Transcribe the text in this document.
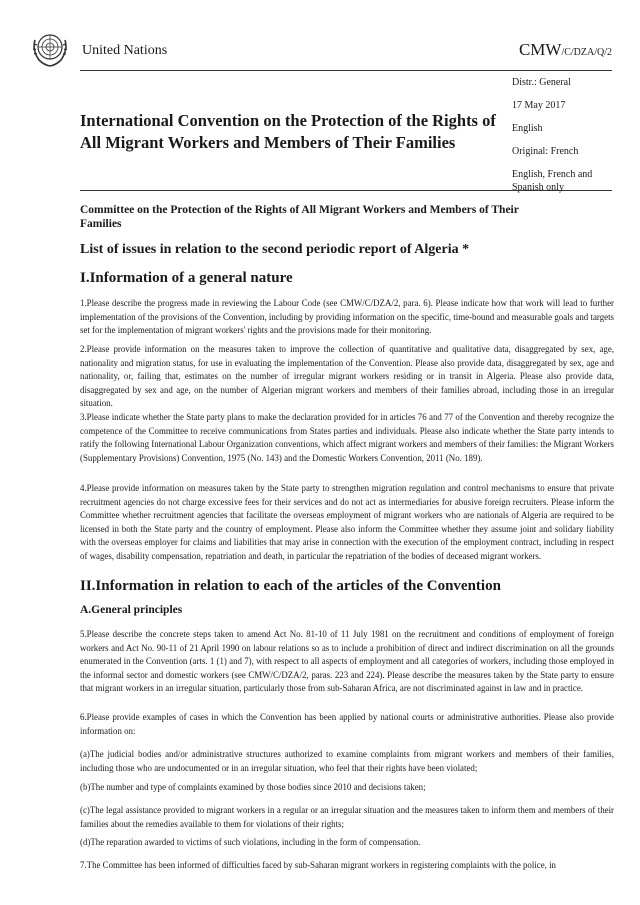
United Nations	CMW/C/DZA/Q/2
International Convention on the Protection of the Rights of All Migrant Workers and Members of Their Families
Distr.: General
17 May 2017
English
Original: French
English, French and Spanish only
Committee on the Protection of the Rights of All Migrant Workers and Members of Their Families
List of issues in relation to the second periodic report of Algeria *
I.Information of a general nature
1.Please describe the progress made in reviewing the Labour Code (see CMW/C/DZA/2, para. 6). Please indicate how that work will lead to further implementation of the provisions of the Convention, including by providing information on the specific, time-bound and measurable goals and targets set for the implementation of migrant workers' rights and the provisions made for their monitoring.
2.Please provide information on the measures taken to improve the collection of quantitative and qualitative data, disaggregated by sex, age, nationality and migration status, for use in evaluating the implementation of the Convention. Please also provide data, disaggregated by sex, age and nationality, or, failing that, estimates on the number of irregular migrant workers residing or in transit in Algeria. Please also provide data, disaggregated by sex and age, on the number of Algerian migrant workers and members of their families abroad, including those in an irregular situation.
3.Please indicate whether the State party plans to make the declaration provided for in articles 76 and 77 of the Convention and thereby recognize the competence of the Committee to receive communications from States parties and individuals. Please also indicate whether the State party intends to ratify the following International Labour Organization conventions, which affect migrant workers and members of their families: the Migrant Workers (Supplementary Provisions) Convention, 1975 (No. 143) and the Domestic Workers Convention, 2011 (No. 189).
4.Please provide information on measures taken by the State party to strengthen migration regulation and control mechanisms to ensure that private recruitment agencies do not charge excessive fees for their services and do not act as intermediaries for abusive foreign recruiters. Please inform the Committee whether recruitment agencies that facilitate the overseas employment of migrant workers who are nationals of Algeria are required to be licensed in both the State party and the country of employment. Please also inform the Committee whether they assume joint and solidary liability with the overseas employer for claims and liabilities that may arise in connection with the execution of the employment contract, including in respect of wages, disability compensation, repatriation and death, in particular the repatriation of the bodies of deceased migrant workers.
II.Information in relation to each of the articles of the Convention
A.General principles
5.Please describe the concrete steps taken to amend Act No. 81-10 of 11 July 1981 on the recruitment and conditions of employment of foreign workers and Act No. 90-11 of 21 April 1990 on labour relations so as to include a prohibition of direct and indirect discrimination on all the grounds enumerated in the Convention (arts. 1 (1) and 7), with respect to all aspects of employment and all categories of workers, including those employed in the informal sector and domestic workers (see CMW/C/DZA/2, paras. 223 and 224). Please describe the measures taken by the State party to ensure that migrant workers in an irregular situation, particularly those from sub-Saharan Africa, are not discriminated against in law and in practice.
6.Please provide examples of cases in which the Convention has been applied by national courts or administrative authorities. Please also provide information on:
(a)The judicial bodies and/or administrative structures authorized to examine complaints from migrant workers and members of their families, including those who are undocumented or in an irregular situation, who feel that their rights have been violated;
(b)The number and type of complaints examined by those bodies since 2010 and decisions taken;
(c)The legal assistance provided to migrant workers in a regular or an irregular situation and the measures taken to inform them and members of their families about the remedies available to them for violations of their rights;
(d)The reparation awarded to victims of such violations, including in the form of compensation.
7.The Committee has been informed of difficulties faced by sub-Saharan migrant workers in registering complaints with the police, in
